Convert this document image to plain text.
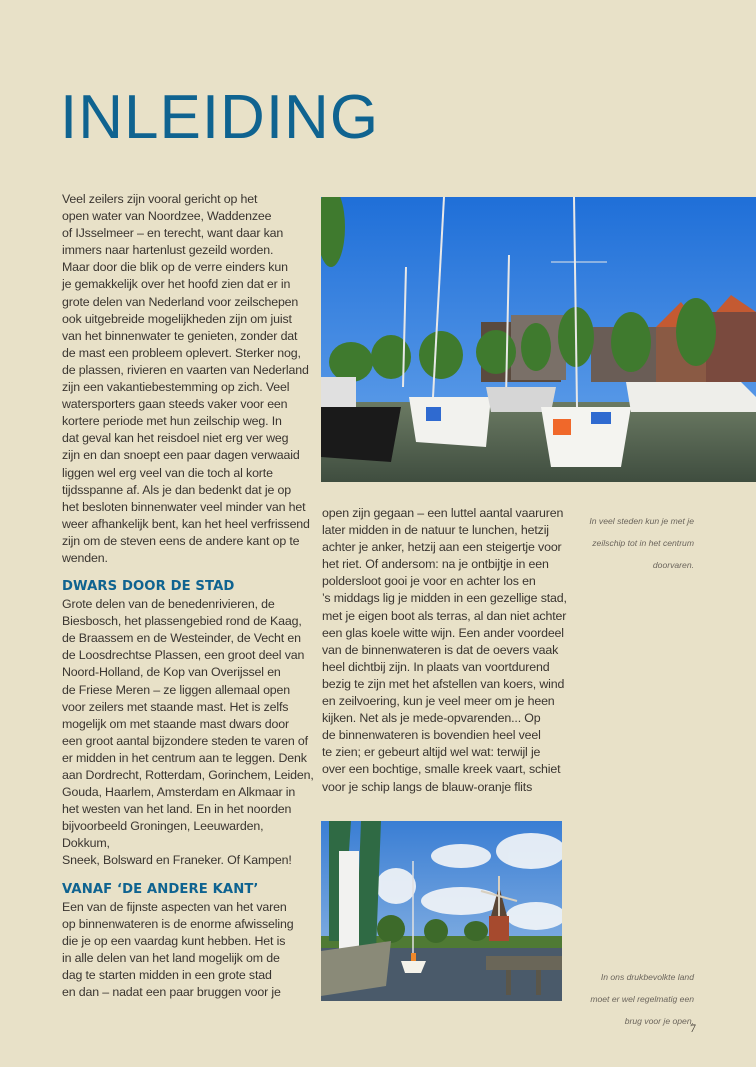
INLEIDING

Veel zeilers zijn vooral gericht op het

open water van Noordzee, Waddenzee

of IJsselmeer – en terecht, want daar kan

immers naar hartenlust gezeild worden.

Maar door die blik op de verre einders kun

je gemakkelijk over het hoofd zien dat er in

grote delen van Nederland voor zeilschepen

ook uitgebreide mogelijkheden zijn om juist

van het binnenwater te genieten, zonder dat

de mast een probleem oplevert. Sterker nog,

de plassen, rivieren en vaarten van Nederland

zijn een vakantiebestemming op zich. Veel

watersporters gaan steeds vaker voor een

kortere periode met hun zeilschip weg. In

dat geval kan het reisdoel niet erg ver weg

zijn en dan snoept een paar dagen verwaaid

liggen wel erg veel van die toch al korte

tijdsspanne af. Als je dan bedenkt dat je op

het besloten binnenwater veel minder van het

weer afhankelijk bent, kan het heel verfrissend

zijn om de steven eens de andere kant op te

wenden.

DWARS DOOR DE STAD

Grote delen van de benedenrivieren, de

Biesbosch, het plassengebied rond de Kaag,

de Braassem en de Westeinder, de Vecht en

de Loosdrechtse Plassen, een groot deel van

Noord-Holland, de Kop van Overijssel en

de Friese Meren – ze liggen allemaal open

voor zeilers met staande mast. Het is zelfs

mogelijk om met staande mast dwars door

een groot aantal bijzondere steden te varen of

er midden in het centrum aan te leggen. Denk

aan Dordrecht, Rotterdam, Gorinchem, Leiden,

Gouda, Haarlem, Amsterdam en Alkmaar in

het westen van het land. En in het noorden

bijvoorbeeld Groningen, Leeuwarden, Dokkum,

Sneek, Bolsward en Franeker. Of Kampen!

VANAF ‘DE ANDERE KANT’

Een van de fijnste aspecten van het varen

op binnenwateren is de enorme afwisseling

die je op een vaardag kunt hebben. Het is

in alle delen van het land mogelijk om de

dag te starten midden in een grote stad

en dan – nadat een paar bruggen voor je

open zijn gegaan – een luttel aantal vaaruren

later midden in de natuur te lunchen, hetzij

achter je anker, hetzij aan een steigertje voor

het riet. Of andersom: na je ontbijtje in een

poldersloot gooi je voor en achter los en

’s middags lig je midden in een gezellige stad,

met je eigen boot als terras, al dan niet achter

een glas koele witte wijn. Een ander voordeel

van de binnenwateren is dat de oevers vaak

heel dichtbij zijn. In plaats van voortdurend

bezig te zijn met het afstellen van koers, wind

en zeilvoering, kun je veel meer om je heen

kijken. Net als je mede-opvarenden... Op

de binnenwateren is bovendien heel veel

te zien; er gebeurt altijd wel wat: terwijl je

over een bochtige, smalle kreek vaart, schiet

voor je schip langs de blauw-oranje flits

In veel steden kun je met je

zeilschip tot in het centrum

doorvaren.

In ons drukbevolkte land

moet er wel regelmatig een

brug voor je open.

7
